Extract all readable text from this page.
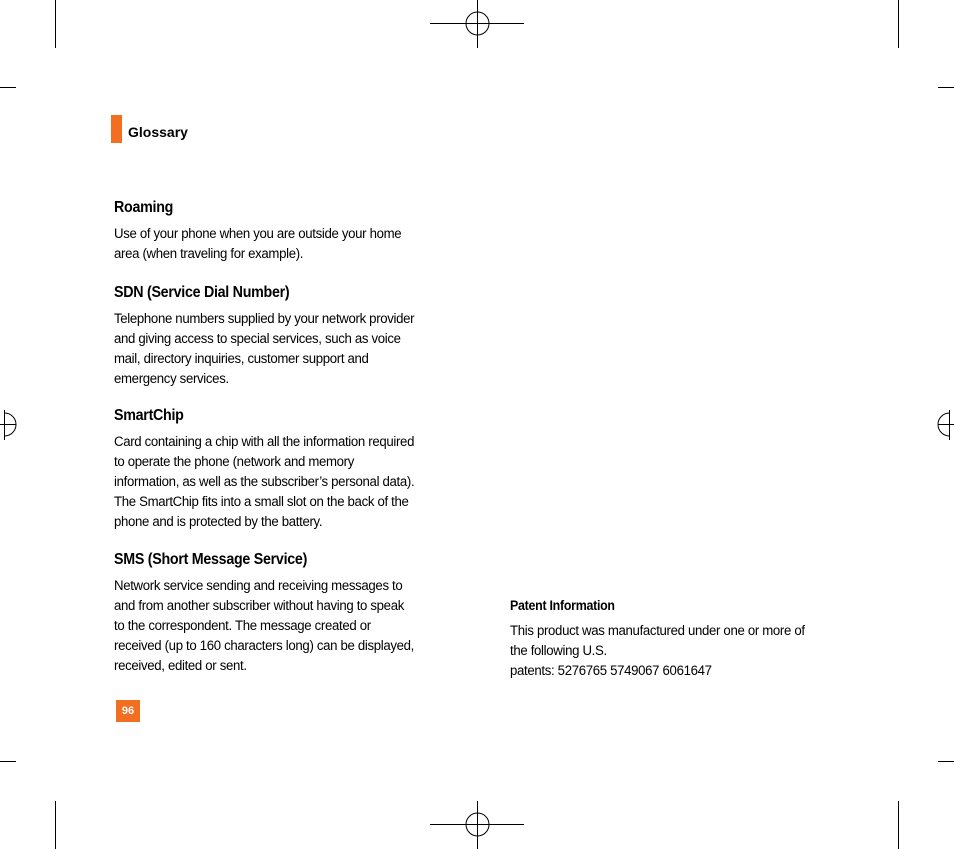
Glossary
Roaming
Use of your phone when you are outside your home
area (when traveling for example).
SDN (Service Dial Number)
Telephone numbers supplied by your network provider
and giving access to special services, such as voice
mail, directory inquiries, customer support and
emergency services.
SmartChip
Card containing a chip with all the information required
to operate the phone (network and memory
information, as well as the subscriber’s personal data).
The SmartChip fits into a small slot on the back of the
phone and is protected by the battery.
SMS (Short Message Service)
Network service sending and receiving messages to
and from another subscriber without having to speak
to the correspondent. The message created or
received (up to 160 characters long) can be displayed,
received, edited or sent.
Patent Information
This product was manufactured under one or more of
the following U.S.
patents: 5276765 5749067 6061647
96
